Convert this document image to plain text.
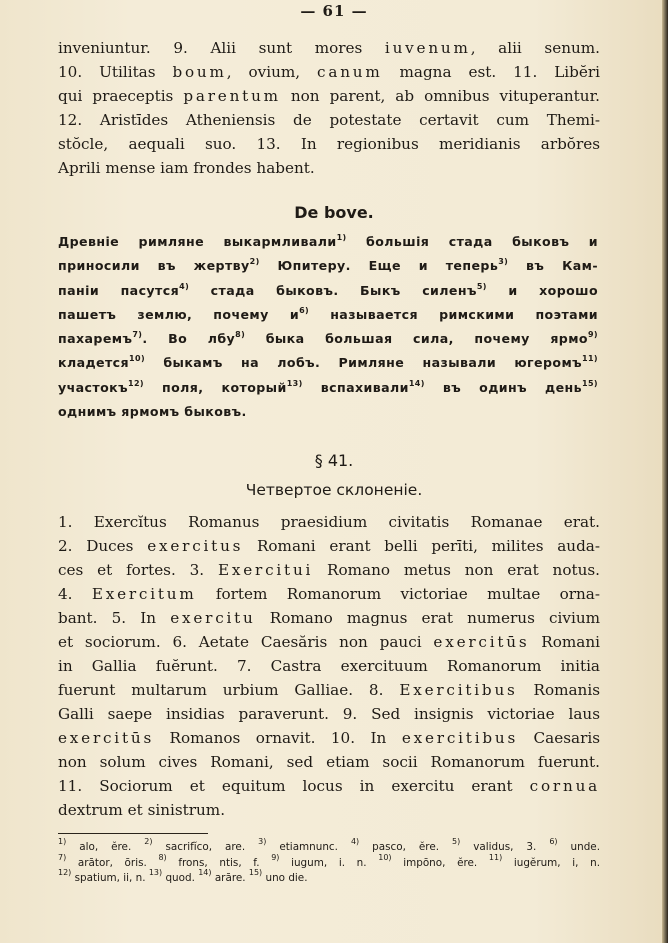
— 61 —
inveniuntur. 9. Alii sunt mores iuvenum, alii senum.
10. Utilitas boum, ovium, canum magna est. 11. Libĕri
qui praeceptis parentum non parent, ab omnibus vituperantur.
12. Aristīdes Atheniensis de potestate certavit cum Themi-
stŏcle, aequali suo. 13. In regionibus meridianis arbŏres
Aprili mense iam frondes habent.
De bove.
Древніе римляне выкармливали$^{1)}$ большія стада быковъ и
приносили въ жертву$^{2)}$ Юпитеру. Еще и теперь$^{3)}$ въ Кам-
паніи пасутся$^{4)}$ стада быковъ. Быкъ силенъ$^{5)}$ и хорошо
пашетъ землю, почему $и^{6)}$ называется римскими поэтами
пахаремъ$^{7)}$. Во лбу$^{8)}$ быка большая сила, почему ярмо$^{9)}$
кладется$^{10)}$ быкамъ на лобъ. Римляне называли югеромъ$^{11)}$
участокъ$^{12)}$ поля, который$^{13)}$ вспахивали$^{14)}$ въ одинъ день$^{15)}$
однимъ ярмомъ быковъ.
§ 41.
Четвертое склоненіе.
1. Exercĭtus Romanus praesidium civitatis Romanae erat.
2. Duces exercitus Romani erant belli perīti, milites auda-
ces et fortes. 3. Exercitui Romano metus non erat notus.
4. Exercitum fortem Romanorum victoriae multae orna-
bant. 5. In exercitu Romano magnus erat numerus civium
et sociorum. 6. Aetate Caesăris non pauci exercitūs Romani
in Gallia fuĕrunt. 7. Castra exercituum Romanorum initia
fuerunt multarum urbium Galliae. 8. Exercitibus Romanis
Galli saepe insidias paraverunt. 9. Sed insignis victoriae laus
exercitūs Romanos ornavit. 10. In exercitibus Caesaris
non solum cives Romani, sed etiam socii Romanorum fuerunt.
11. Sociorum et equitum locus in exercitu erant cornua
dextrum et sinistrum.
$^{1)}$ alo, ĕre. $^{2)}$ sacrifĭco, are. $^{3)}$ etiamnunc. $^{4)}$ pasco, ĕre. $^{5)}$ validus, 3. $^{6)}$ unde.
$^{7)}$ arātor, ōris. $^{8)}$ frons, ntis, f. $^{9)}$ iugum, i. n. $^{10)}$ impōno, ĕre. $^{11)}$ iugĕrum, i, n.
$^{12)}$ spatium, ii, n. $^{13)}$ quod. $^{14)}$ arāre. $^{15)}$ uno die.
